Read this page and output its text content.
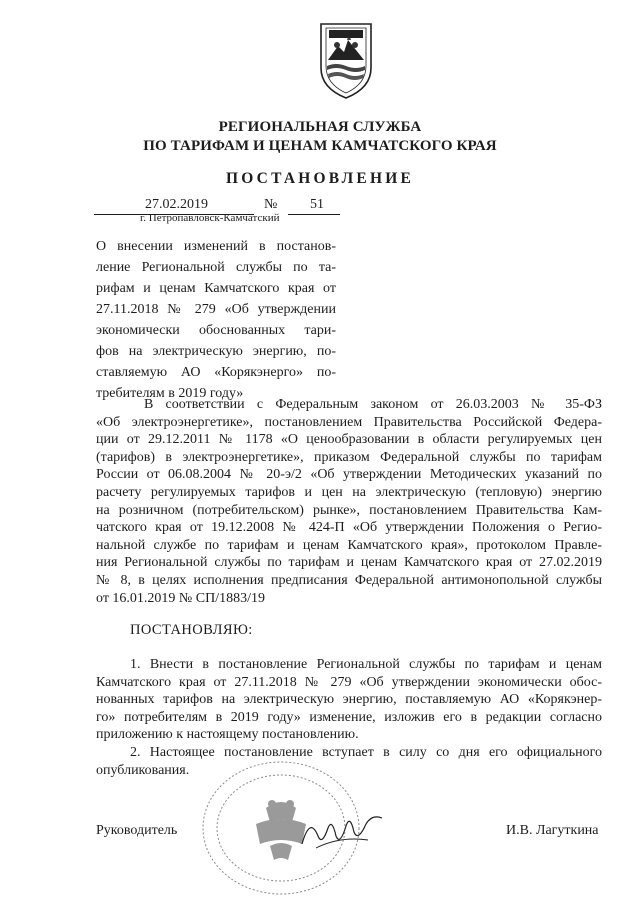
РЕГИОНАЛЬНАЯ СЛУЖБА
ПО ТАРИФАМ И ЦЕНАМ КАМЧАТСКОГО КРАЯ
ПОСТАНОВЛЕНИЕ
27.02.2019	№ 51
г. Петропавловск-Камчатский
О внесении изменений в постанов-
ление Региональной службы по та-
рифам и ценам Камчатского края от
27.11.2018 № 279 «Об утверждении
экономически обоснованных тари-
фов на электрическую энергию, по-
ставляемую АО «Корякэнерго» по-
требителям в 2019 году»
В соответствии с Федеральным законом от 26.03.2003 № 35-ФЗ
«Об электроэнергетике», постановлением Правительства Российской Федера-
ции от 29.12.2011 № 1178 «О ценообразовании в области регулируемых цен
(тарифов) в электроэнергетике», приказом Федеральной службы по тарифам
России от 06.08.2004 № 20-э/2 «Об утверждении Методических указаний по
расчету регулируемых тарифов и цен на электрическую (тепловую) энергию
на розничном (потребительском) рынке», постановлением Правительства Кам-
чатского края от 19.12.2008 № 424-П «Об утверждении Положения о Регио-
нальной службе по тарифам и ценам Камчатского края», протоколом Правле-
ния Региональной службы по тарифам и ценам Камчатского края от 27.02.2019
№ 8, в целях исполнения предписания Федеральной антимонопольной службы
от 16.01.2019 № СП/1883/19
ПОСТАНОВЛЯЮ:
1. Внести в постановление Региональной службы по тарифам и ценам
Камчатского края от 27.11.2018 № 279 «Об утверждении экономически обос-
нованных тарифов на электрическую энергию, поставляемую АО «Корякэнер-
го» потребителям в 2019 году» изменение, изложив его в редакции согласно
приложению к настоящему постановлению.
2. Настоящее постановление вступает в силу со дня его официального
опубликования.
Руководитель	И.В. Лагуткина
